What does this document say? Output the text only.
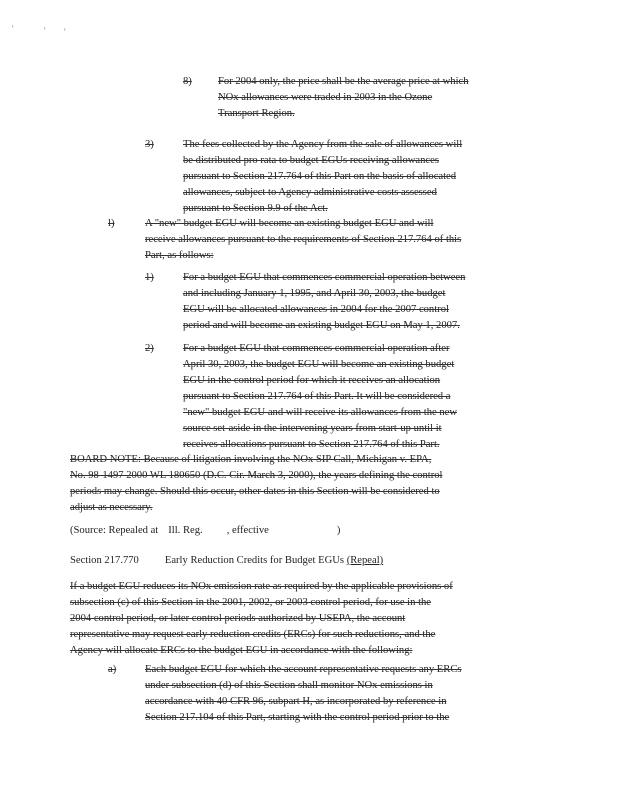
'	' '
8) For 2004 only, the price shall be the average price at which
NOx allowances were traded in 2003 in the Ozone
Transport Region.
3)	The fees collected by the Agency from the sale of allowances will
be distributed pro rata to budget EGUs receiving allowances
pursuant to Section 217.764 of this Part on the basis of allocated
allowances, subject to Agency administrative costs assessed
pursuant to Section 9.9 of the Act.
l)	A "new" budget EGU will become an existing budget EGU and will
receive allowances pursuant to the requirements of Section 217.764 of this
Part, as follows:
1)	For a budget EGU that commences commercial operation between
and including January 1, 1995, and April 30, 2003, the budget
EGU will be allocated allowances in 2004 for the 2007 control
period and will become an existing budget EGU on May 1, 2007.
2)	For a budget EGU that commences commercial operation after
April 30, 2003, the budget EGU will become an existing budget
EGU in the control period for which it receives an allocation
pursuant to Section 217.764 of this Part. It will be considered a
"new" budget EGU and will receive its allowances from the new
source set-aside in the intervening years from start-up until it
receives allocations pursuant to Section 217.764 of this Part.
BOARD NOTE: Because of litigation involving the NOx SIP Call, Michigan v. EPA,
No. 98-1497 2000 WL 180650 (D.C. Cir. March 3, 2000), the years defining the control
periods may change. Should this occur, other dates in this Section will be considered to
adjust as necessary.
(Source: Repealed at Ill. Reg. , effective	)
Section 217.770 Early Reduction Credits for Budget EGUs (Repeal)
If a budget EGU reduces its NOx emission rate as required by the applicable provisions of
subsection (c) of this Section in the 2001, 2002, or 2003 control period, for use in the
2004 control period, or later control periods authorized by USEPA, the account
representative may request early reduction credits (ERCs) for such reductions, and the
Agency will allocate ERCs to the budget EGU in accordance with the following:
a)	Each budget EGU for which the account representative requests any ERCs
under subsection (d) of this Section shall monitor NOx emissions in
accordance with 40 CFR 96, subpart H, as incorporated by reference in
Section 217.104 of this Part, starting with the control period prior to the
